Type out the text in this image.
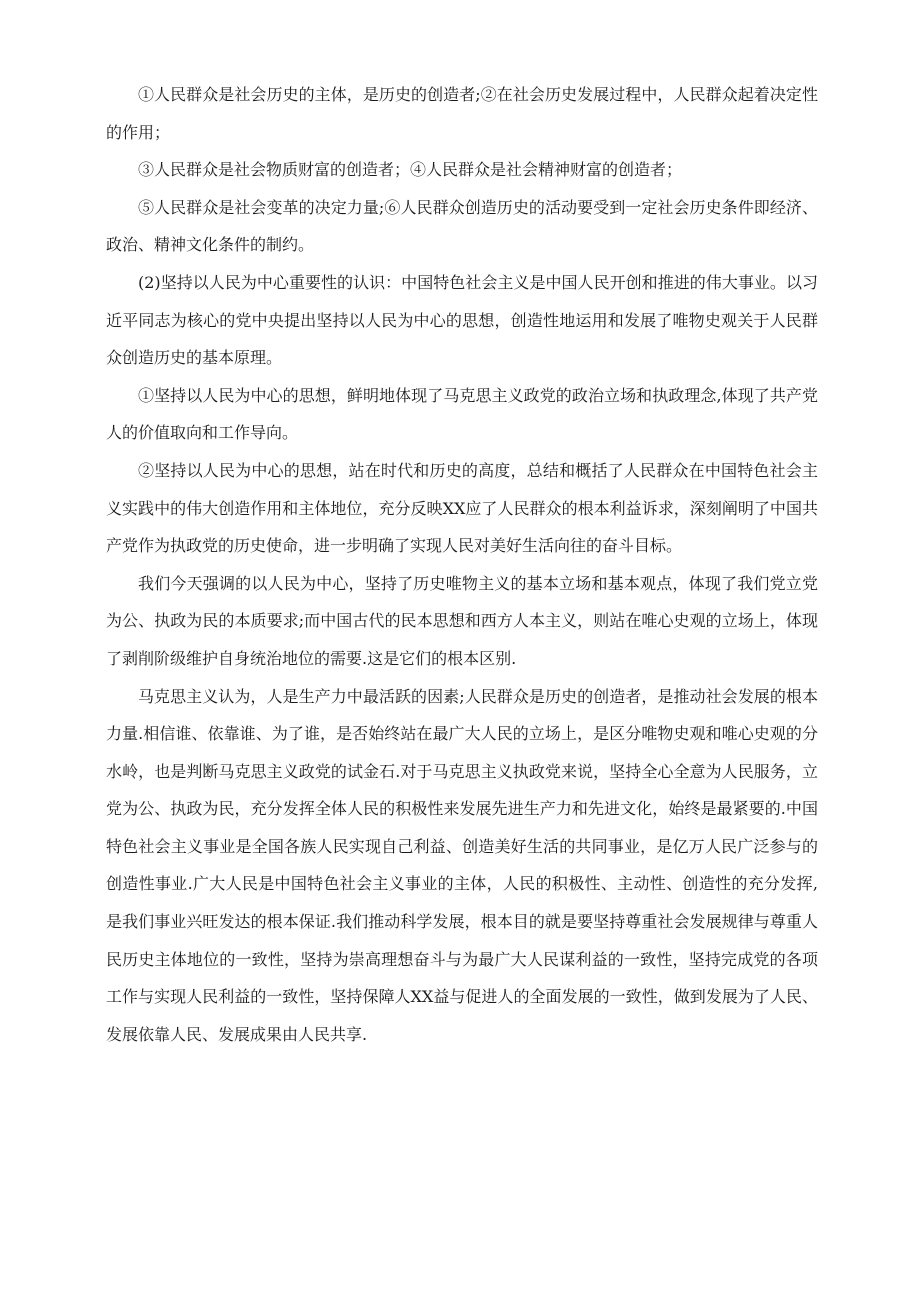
①人民群众是社会历史的主体，是历史的创造者;②在社会历史发展过程中，人民群众起着决定性的作用；

③人民群众是社会物质财富的创造者；④人民群众是社会精神财富的创造者；

⑤人民群众是社会变革的决定力量;⑥人民群众创造历史的活动要受到一定社会历史条件即经济、政治、精神文化条件的制约。

(2)坚持以人民为中心重要性的认识：中国特色社会主义是中国人民开创和推进的伟大事业。以习近平同志为核心的党中央提出坚持以人民为中心的思想，创造性地运用和发展了唯物史观关于人民群众创造历史的基本原理。

①坚持以人民为中心的思想，鲜明地体现了马克思主义政党的政治立场和执政理念,体现了共产党人的价值取向和工作导向。

②坚持以人民为中心的思想，站在时代和历史的高度，总结和概括了人民群众在中国特色社会主义实践中的伟大创造作用和主体地位，充分反映XX应了人民群众的根本利益诉求，深刻阐明了中国共产党作为执政党的历史使命，进一步明确了实现人民对美好生活向往的奋斗目标。

我们今天强调的以人民为中心，坚持了历史唯物主义的基本立场和基本观点，体现了我们党立党为公、执政为民的本质要求;而中国古代的民本思想和西方人本主义，则站在唯心史观的立场上，体现了剥削阶级维护自身统治地位的需要.这是它们的根本区别.

马克思主义认为，人是生产力中最活跃的因素;人民群众是历史的创造者，是推动社会发展的根本力量.相信谁、依靠谁、为了谁，是否始终站在最广大人民的立场上，是区分唯物史观和唯心史观的分水岭，也是判断马克思主义政党的试金石.对于马克思主义执政党来说，坚持全心全意为人民服务，立党为公、执政为民，充分发挥全体人民的积极性来发展先进生产力和先进文化，始终是最紧要的.中国特色社会主义事业是全国各族人民实现自己利益、创造美好生活的共同事业，是亿万人民广泛参与的创造性事业.广大人民是中国特色社会主义事业的主体，人民的积极性、主动性、创造性的充分发挥,是我们事业兴旺发达的根本保证.我们推动科学发展，根本目的就是要坚持尊重社会发展规律与尊重人民历史主体地位的一致性，坚持为崇高理想奋斗与为最广大人民谋利益的一致性，坚持完成党的各项工作与实现人民利益的一致性，坚持保障人XX益与促进人的全面发展的一致性，做到发展为了人民、发展依靠人民、发展成果由人民共享.
